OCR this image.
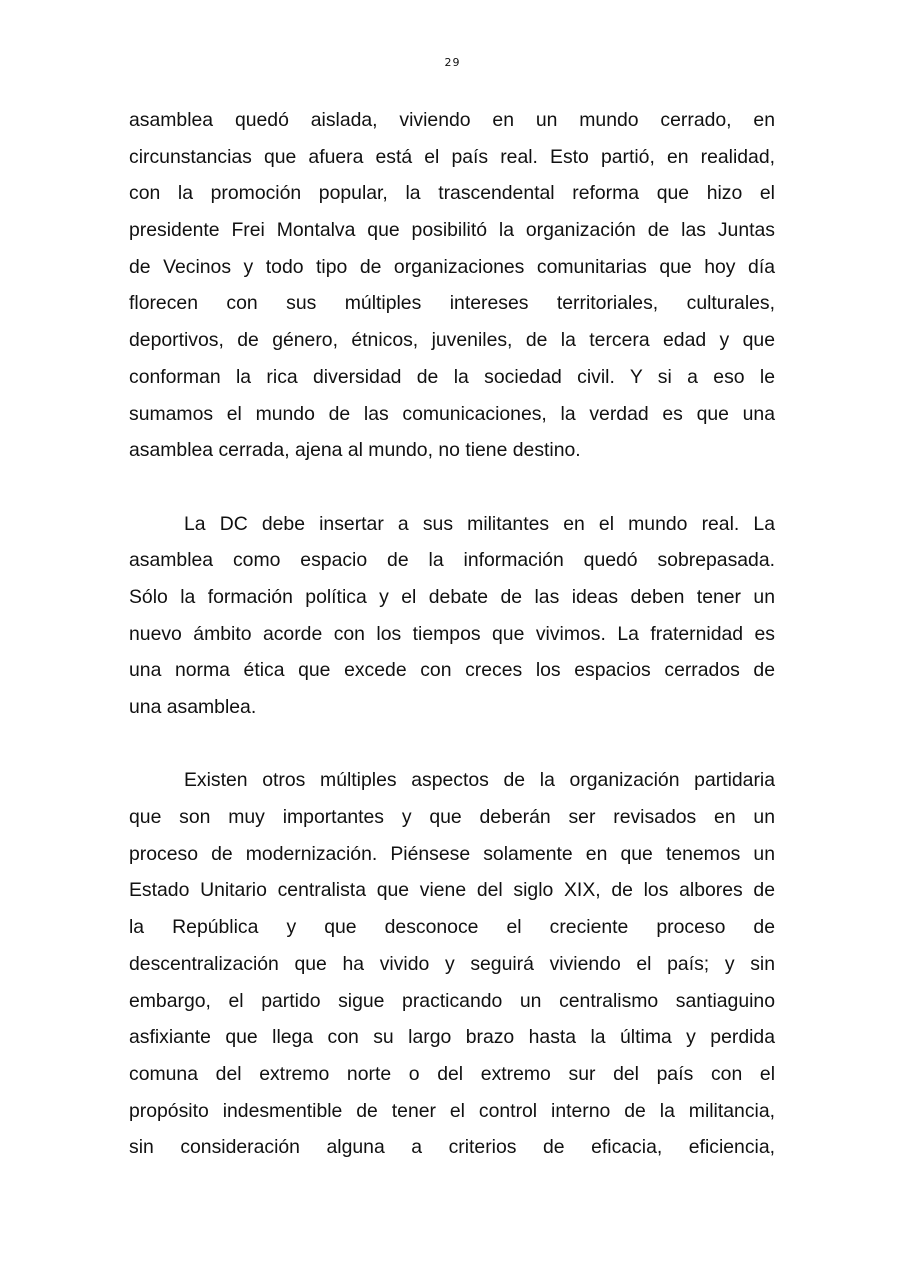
29
asamblea quedó aislada, viviendo en un mundo cerrado, en
circunstancias que afuera está el país real. Esto partió, en realidad,
con la promoción popular, la trascendental reforma que hizo el
presidente Frei Montalva que posibilitó la organización de las Juntas
de Vecinos y todo tipo de organizaciones comunitarias que hoy día
florecen con sus múltiples intereses territoriales, culturales,
deportivos, de género, étnicos, juveniles, de la tercera edad y que
conforman la rica diversidad de la sociedad civil. Y si a eso le
sumamos el mundo de las comunicaciones, la verdad es que una
asamblea cerrada, ajena al mundo, no tiene destino.
La DC debe insertar a sus militantes en el mundo real. La
asamblea como espacio de la información quedó sobrepasada.
Sólo la formación política y el debate de las ideas deben tener un
nuevo ámbito acorde con los tiempos que vivimos. La fraternidad es
una norma ética que excede con creces los espacios cerrados de
una asamblea.
Existen otros múltiples aspectos de la organización partidaria
que son muy importantes y que deberán ser revisados en un
proceso de modernización. Piénsese solamente en que tenemos un
Estado Unitario centralista que viene del siglo XIX, de los albores de
la República y que desconoce el creciente proceso de
descentralización que ha vivido y seguirá viviendo el país; y sin
embargo, el partido sigue practicando un centralismo santiaguino
asfixiante que llega con su largo brazo hasta la última y perdida
comuna del extremo norte o del extremo sur del país con el
propósito indesmentible de tener el control interno de la militancia,
sin consideración alguna a criterios de eficacia, eficiencia,
